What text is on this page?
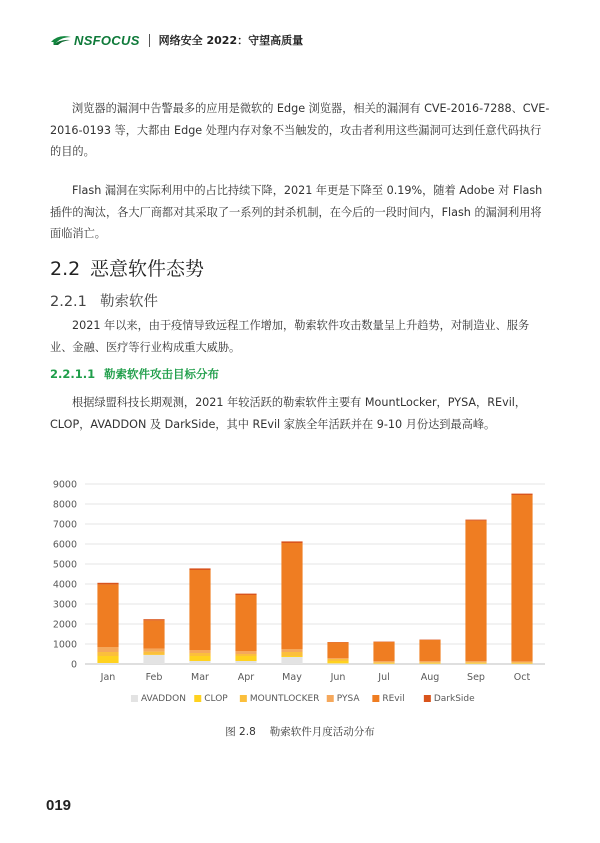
NSFOCUS 网络安全 2022：守望高质量

浏览器的漏洞中告警最多的应用是微软的 Edge 浏览器，相关的漏洞有 CVE-2016-7288、CVE-2016-0193 等，大都由 Edge 处理内存对象不当触发的，攻击者利用这些漏洞可达到任意代码执行的目的。

Flash 漏洞在实际利用中的占比持续下降，2021 年更是下降至 0.19%，随着 Adobe 对 Flash 插件的淘汰，各大厂商都对其采取了一系列的封杀机制，在今后的一段时间内，Flash 的漏洞利用将面临消亡。

2.2 恶意软件态势
2.2.1 勒索软件

2021 年以来，由于疫情导致远程工作增加，勒索软件攻击数量呈上升趋势，对制造业、服务业、金融、医疗等行业构成重大威胁。

2.2.1.1 勒索软件攻击目标分布

根据绿盟科技长期观测，2021 年较活跃的勒索软件主要有 MountLocker，PYSA，REvil，CLOP，AVADDON 及 DarkSide，其中 REvil 家族全年活跃并在 9-10 月份达到最高峰。

0
1000
2000
3000
4000
5000
6000
7000
8000
9000
Jan	Feb	Mar	Apr	May	Jun	Jul	Aug	Sep	Oct
AVADDON CLOP MOUNTLOCKER PYSA	REvil	DarkSide
图 2.8 勒索软件月度活动分布
019
